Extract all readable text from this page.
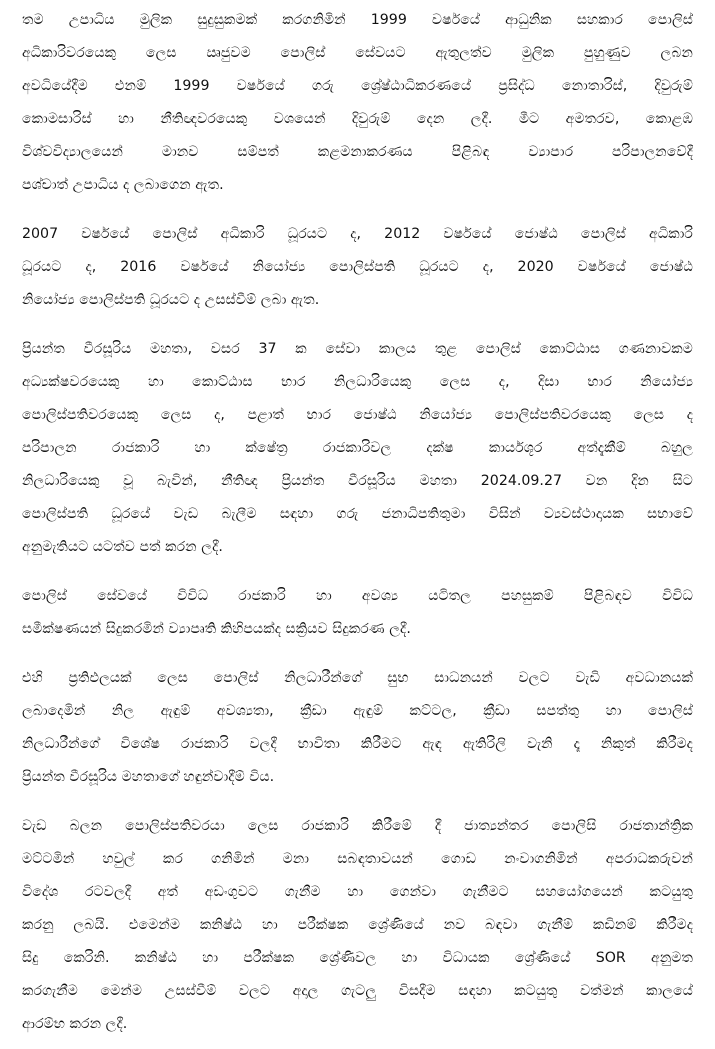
තම උපාධිය මුලික සුදුසුකමක් කරගනිමින් 1999 වර්ෂයේ ආධුනික සහකාර පොලිස්
අධිකාරිවරයෙකු ලෙස ඍජුවම පොලිස් සේවයට ඇතුලත්ව මුලික පුහුණුව ලබන
අවධියේදීම එනම් 1999 වර්ෂයේ ගරු ශ්‍රේෂ්ඨාධිකරණයේ ප්‍රසිද්ධ නොතාරිස්, දිවුරුම්
කොමසාරිස් හා නීතිඥවරයෙකු වශයෙන් දිවුරුම් දෙන ලදී. මීට අමතරව, කොළඹ
විශ්වවිද්‍යාලයෙන් මානව සම්පත් කළමනාකරණය පිළිබඳ ව්‍යාපාර පරිපාලනවේදී
පශ්චාත් උපාධිය ද ලබාගෙන ඇත.

2007 වර්ෂයේ පොලිස් අධිකාරි ධූරයට ද, 2012 වර්ෂයේ ජොෂ්ඨ පොලිස් අධිකාරි
ධූරයට ද, 2016 වර්ෂයේ නියෝජ්‍ය පොලිස්පති ධූරයට ද, 2020 වර්ෂයේ ජොෂ්ඨ
නියෝජ්‍ය පොලිස්පති ධූරයට ද උසස්වීම් ලබා ඇත.

ප්‍රියන්ත වීරසූරිය මහතා, වසර 37 ක සේවා කාලය තුළ පොලිස් කොට්ඨාස ගණනාවකම
අධ්‍යක්ෂවරයෙකු හා කොට්ඨාස භාර නිලධාරියෙකු ලෙස ද, දිසා භාර නියෝජ්‍ය
පොලිස්පතිවරයෙකු ලෙස ද, පළාත් භාර ජොෂ්ඨ නියෝජ්‍ය පොලිස්පතිවරයෙකු ලෙස ද
පරිපාලන රාජකාරි හා ක්ෂේත්‍ර රාජකාරිවල දක්ෂ කාර්යශූර අත්දැකීම් බහුල
නිලධාරියෙකු වූ බැවින්, නීතිඥ ප්‍රියන්ත වීරසූරිය මහතා 2024.09.27 වන දින සිට
පොලිස්පති ධූරයේ වැඩ බැලීම සඳහා ගරු ජනාධිපතිතුමා විසින් ව්‍යවස්ථාදායක සභාවේ
අනුමැතියට යටත්ව පත් කරන ලදී.

පොලිස් සේවයේ විවිධ රාජකාරි හා අවශ්‍ය යටිතල පහසුකම් පිළිබඳව විවිධ
සමීක්ෂණයන් සිදුකරමින් ව්‍යාපෘති කිහිපයක්ද සක්‍රියව සිදුකරණ ලදී.

එහි ප්‍රතිඵලයක් ලෙස පොලිස් නිලධාරීන්ගේ සුභ සාධනයන් වලට වැඩි අවධානයක්
ලබාදෙමින් නිල ඇඳුම් අවශ්‍යතා, ක්‍රීඩා ඇඳුම් කට්ටල, ක්‍රීඩා සපත්තු හා පොලිස්
නිලධාරීන්ගේ විශේෂ රාජකාරි වලදී භාවිතා කිරීමට ඇඳ ඇතිරිලි වැනි දෑ නිකුත් කිරීමද
ප්‍රියන්ත වීරසූරිය මහතාගේ හඳුන්වාදීම් විය.

වැඩ බලන පොලිස්පතිවරයා ලෙස රාජකාරි කිරීමේ දී ජාත්‍යන්තර පොලිසි රාජතාන්ත්‍රික
මට්ටමින් හවුල් කර ගනිමින් මනා සබඳතාවයන් ගොඩ නංවාගනිමින් අපරාධකරුවන්
විදේශ රටවලදී අත් අඩංගුවට ගැනීම හා ගෙන්වා ගැනීමට සහයෝගයෙන් කටයුතු
කරනු ලබයි. එමෙන්ම කනිෂ්ඨ හා පරීක්ෂක ශ්‍රේණියේ නව බඳවා ගැනීම් කඩිනම් කිරීමද
සිදු කෙරිනි. කනිෂ්ඨ හා පරීක්ෂක ශ්‍රේණිවල හා විධායක ශ්‍රේණියේ SOR අනුමත
කරගැනීම මෙන්ම උසස්වීම් වලට අදාල ගැටලු විසදීම සඳහා කටයුතු වත්මන් කාලයේ
ආරම්භ කරන ලදී.
